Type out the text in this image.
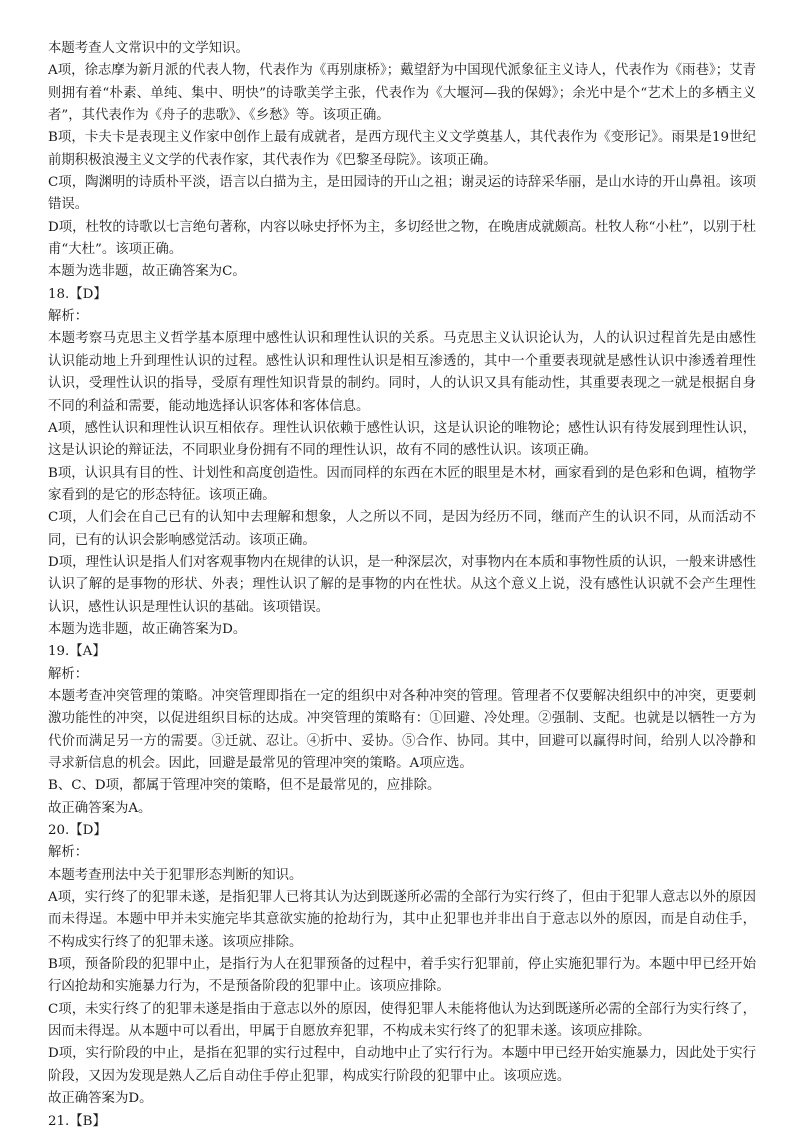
本题考查人文常识中的文学知识。

A项，徐志摩为新月派的代表人物，代表作为《再别康桥》；戴望舒为中国现代派象征主义诗人，代表作为《雨巷》；艾青则拥有着“朴素、单纯、集中、明快”的诗歌美学主张，代表作为《大堰河—我的保姆》；余光中是个“艺术上的多栖主义者”，其代表作为《舟子的悲歌》、《乡愁》等。该项正确。

B项，卡夫卡是表现主义作家中创作上最有成就者，是西方现代主义文学奠基人，其代表作为《变形记》。雨果是19世纪前期积极浪漫主义文学的代表作家，其代表作为《巴黎圣母院》。该项正确。

C项，陶渊明的诗质朴平淡，语言以白描为主，是田园诗的开山之祖；谢灵运的诗辞采华丽，是山水诗的开山鼻祖。该项错误。

D项，杜牧的诗歌以七言绝句著称，内容以咏史抒怀为主，多切经世之物，在晚唐成就颇高。杜牧人称“小杜”，以别于杜甫“大杜”。该项正确。

本题为选非题，故正确答案为C。

18.【D】

解析：

本题考察马克思主义哲学基本原理中感性认识和理性认识的关系。马克思主义认识论认为，人的认识过程首先是由感性认识能动地上升到理性认识的过程。感性认识和理性认识是相互渗透的，其中一个重要表现就是感性认识中渗透着理性认识，受理性认识的指导，受原有理性知识背景的制约。同时，人的认识又具有能动性，其重要表现之一就是根据自身不同的利益和需要，能动地选择认识客体和客体信息。

A项，感性认识和理性认识互相依存。理性认识依赖于感性认识，这是认识论的唯物论；感性认识有待发展到理性认识，这是认识论的辩证法，不同职业身份拥有不同的理性认识，故有不同的感性认识。该项正确。

B项，认识具有目的性、计划性和高度创造性。因而同样的东西在木匠的眼里是木材，画家看到的是色彩和色调，植物学家看到的是它的形态特征。该项正确。

C项，人们会在自己已有的认知中去理解和想象，人之所以不同，是因为经历不同，继而产生的认识不同，从而活动不同，已有的认识会影响感觉活动。该项正确。

D项，理性认识是指人们对客观事物内在规律的认识，是一种深层次，对事物内在本质和事物性质的认识，一般来讲感性认识了解的是事物的形状、外表；理性认识了解的是事物的内在性状。从这个意义上说，没有感性认识就不会产生理性认识，感性认识是理性认识的基础。该项错误。

本题为选非题，故正确答案为D。

19.【A】

解析：

本题考查冲突管理的策略。冲突管理即指在一定的组织中对各种冲突的管理。管理者不仅要解决组织中的冲突，更要刺激功能性的冲突，以促进组织目标的达成。冲突管理的策略有：①回避、冷处理。②强制、支配。也就是以牺牲一方为代价而满足另一方的需要。③迁就、忍让。④折中、妥协。⑤合作、协同。其中，回避可以赢得时间，给别人以冷静和寻求新信息的机会。因此，回避是最常见的管理冲突的策略。A项应选。

B、C、D项，都属于管理冲突的策略，但不是最常见的，应排除。

故正确答案为A。

20.【D】

解析：

本题考查刑法中关于犯罪形态判断的知识。

A项，实行终了的犯罪未遂，是指犯罪人已将其认为达到既遂所必需的全部行为实行终了，但由于犯罪人意志以外的原因而未得逞。本题中甲并未实施完毕其意欲实施的抢劫行为，其中止犯罪也并非出自于意志以外的原因，而是自动住手，不构成实行终了的犯罪未遂。该项应排除。

B项，预备阶段的犯罪中止，是指行为人在犯罪预备的过程中，着手实行犯罪前，停止实施犯罪行为。本题中甲已经开始行凶抢劫和实施暴力行为，不是预备阶段的犯罪中止。该项应排除。

C项，未实行终了的犯罪未遂是指由于意志以外的原因，使得犯罪人未能将他认为达到既遂所必需的全部行为实行终了，因而未得逞。从本题中可以看出，甲属于自愿放弃犯罪，不构成未实行终了的犯罪未遂。该项应排除。

D项，实行阶段的中止，是指在犯罪的实行过程中，自动地中止了实行行为。本题中甲已经开始实施暴力，因此处于实行阶段，又因为发现是熟人乙后自动住手停止犯罪，构成实行阶段的犯罪中止。该项应选。

故正确答案为D。

21.【B】
